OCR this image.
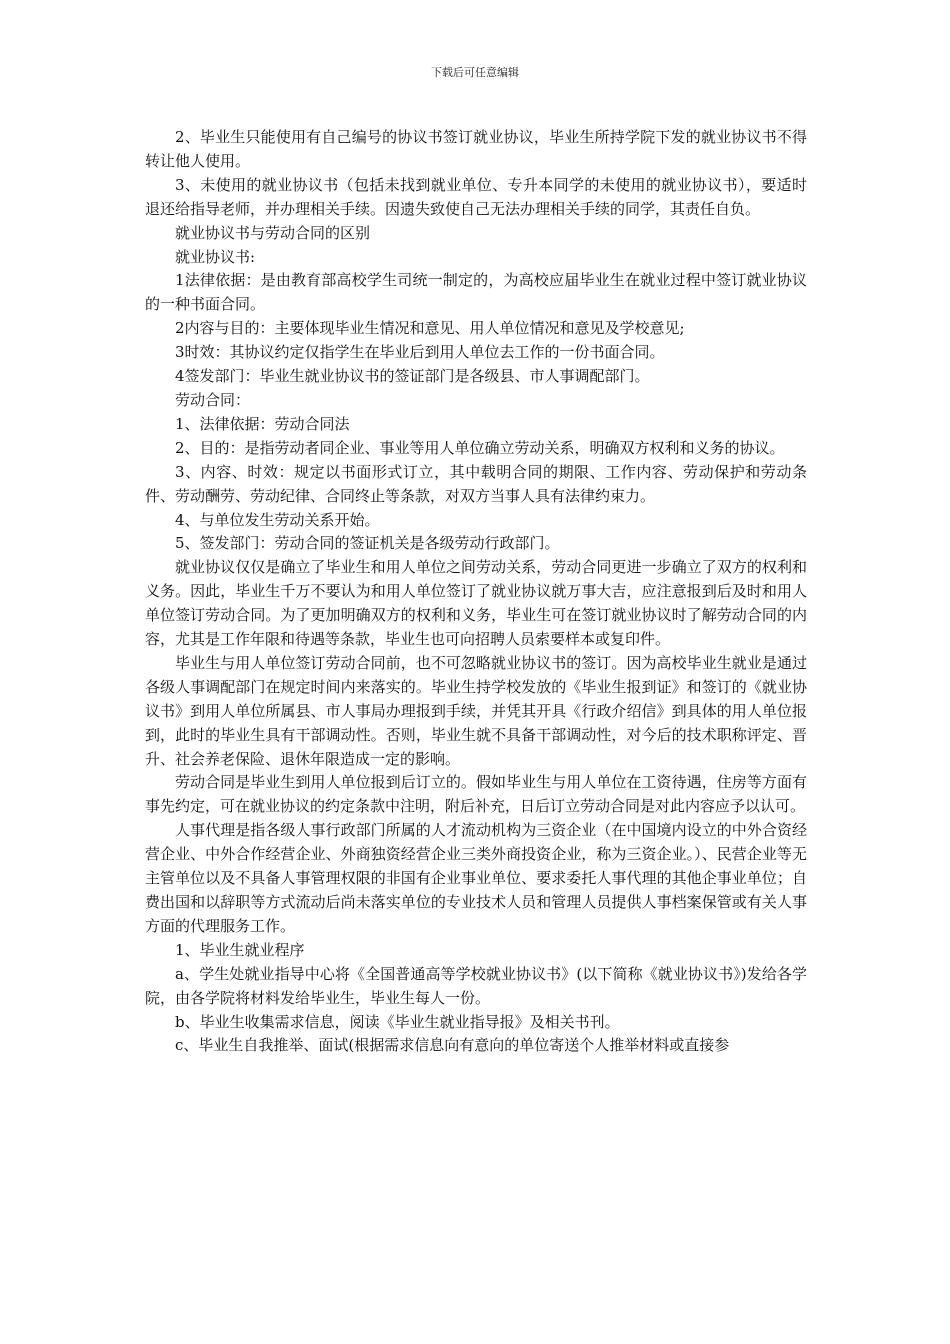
下载后可任意编辑

2、毕业生只能使用有自己编号的协议书签订就业协议，毕业生所持学院下发的就业协议书不得转让他人使用。

3、未使用的就业协议书（包括未找到就业单位、专升本同学的未使用的就业协议书），要适时退还给指导老师，并办理相关手续。因遗失致使自己无法办理相关手续的同学，其责任自负。

就业协议书与劳动合同的区别

就业协议书:

1法律依据：是由教育部高校学生司统一制定的，为高校应届毕业生在就业过程中签订就业协议的一种书面合同。

2内容与目的：主要体现毕业生情况和意见、用人单位情况和意见及学校意见;

3时效：其协议约定仅指学生在毕业后到用人单位去工作的一份书面合同。

4签发部门：毕业生就业协议书的签证部门是各级县、市人事调配部门。

劳动合同：

1、法律依据：劳动合同法

2、目的：是指劳动者同企业、事业等用人单位确立劳动关系，明确双方权利和义务的协议。

3、内容、时效：规定以书面形式订立，其中载明合同的期限、工作内容、劳动保护和劳动条件、劳动酬劳、劳动纪律、合同终止等条款，对双方当事人具有法律约束力。

4、与单位发生劳动关系开始。

5、签发部门：劳动合同的签证机关是各级劳动行政部门。

就业协议仅仅是确立了毕业生和用人单位之间劳动关系，劳动合同更进一步确立了双方的权利和义务。因此，毕业生千万不要认为和用人单位签订了就业协议就万事大吉，应注意报到后及时和用人单位签订劳动合同。为了更加明确双方的权利和义务，毕业生可在签订就业协议时了解劳动合同的内容，尤其是工作年限和待遇等条款，毕业生也可向招聘人员索要样本或复印件。

毕业生与用人单位签订劳动合同前，也不可忽略就业协议书的签订。因为高校毕业生就业是通过各级人事调配部门在规定时间内来落实的。毕业生持学校发放的《毕业生报到证》和签订的《就业协议书》到用人单位所属县、市人事局办理报到手续，并凭其开具《行政介绍信》到具体的用人单位报到，此时的毕业生具有干部调动性。否则，毕业生就不具备干部调动性，对今后的技术职称评定、晋升、社会养老保险、退休年限造成一定的影响。

劳动合同是毕业生到用人单位报到后订立的。假如毕业生与用人单位在工资待遇，住房等方面有事先约定，可在就业协议的约定条款中注明，附后补充，日后订立劳动合同是对此内容应予以认可。

人事代理是指各级人事行政部门所属的人才流动机构为三资企业（在中国境内设立的中外合资经营企业、中外合作经营企业、外商独资经营企业三类外商投资企业，称为三资企业。）、民营企业等无主管单位以及不具备人事管理权限的非国有企业事业单位、要求委托人事代理的其他企事业单位；自费出国和以辞职等方式流动后尚未落实单位的专业技术人员和管理人员提供人事档案保管或有关人事方面的代理服务工作。

1、毕业生就业程序

a、学生处就业指导中心将《全国普通高等学校就业协议书》(以下简称《就业协议书》)发给各学院，由各学院将材料发给毕业生，毕业生每人一份。

b、毕业生收集需求信息，阅读《毕业生就业指导报》及相关书刊。

c、毕业生自我推举、面试(根据需求信息向有意向的单位寄送个人推举材料或直接参
